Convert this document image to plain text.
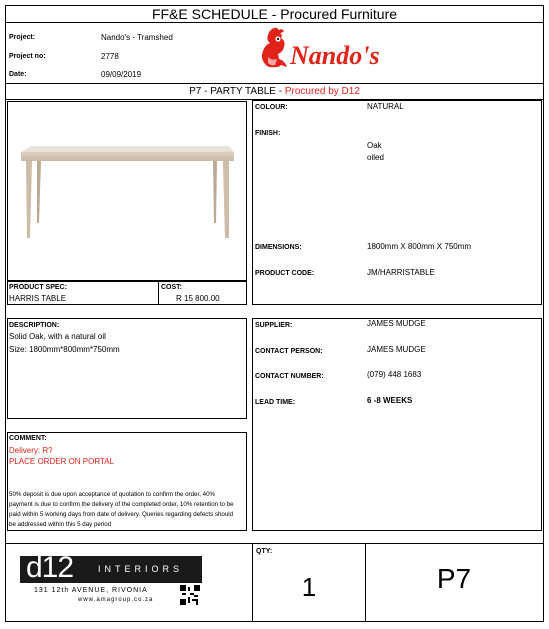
FF&E SCHEDULE - Procured Furniture
Project:	Nando's - Tramshed
Project no:	2778
Date:	09/09/2019
Nando's
P7 - PARTY TABLE - Procured by D12
PRODUCT SPEC:
HARRIS TABLE
COST:
R 15 800.00
COLOUR:	NATURAL
FINISH:
Oak
oiled
DIMENSIONS:	1800mm X 800mm X 750mm
PRODUCT CODE:	JM/HARRISTABLE
DESCRIPTION:
Solid Oak, with a natural oil
Size: 1800mm*800mm*750mm
SUPPLIER:	JAMES MUDGE
CONTACT PERSON:	JAMES MUDGE
CONTACT NUMBER:	(079) 448 1683
LEAD TIME:	6 -8 WEEKS
COMMENT:
Delivery: R?
PLACE ORDER ON PORTAL
50% deposit is due upon acceptance of quotation to confirm the order, 40%
payment is due to confirm the delivery of the completed order, 10% retention to be
paid within 5 working days from date of delivery. Queries regarding defects should
be addressed within this 5 day period
d12	INTERIORS
131 12th AVENUE, RIVONIA
www.amagroup.co.za
QTY:
1	P7
